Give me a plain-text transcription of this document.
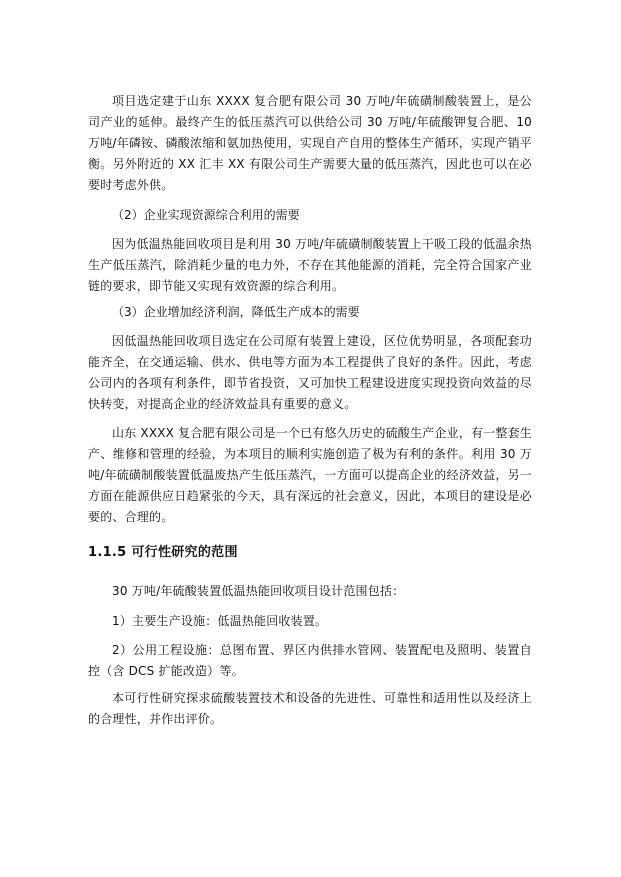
项目选定建于山东 XXXX 复合肥有限公司 30 万吨/年硫磺制酸装置上，是公司产业的延伸。最终产生的低压蒸汽可以供给公司 30 万吨/年硫酸钾复合肥、10 万吨/年磷铵、磷酸浓缩和氨加热使用，实现自产自用的整体生产循环，实现产销平衡。另外附近的 XX 汇丰 XX 有限公司生产需要大量的低压蒸汽，因此也可以在必要时考虑外供。

（2）企业实现资源综合利用的需要

因为低温热能回收项目是利用 30 万吨/年硫磺制酸装置上干吸工段的低温余热生产低压蒸汽，除消耗少量的电力外，不存在其他能源的消耗，完全符合国家产业链的要求，即节能又实现有效资源的综合利用。

（3）企业增加经济利润，降低生产成本的需要

因低温热能回收项目选定在公司原有装置上建设，区位优势明显，各项配套功能齐全，在交通运输、供水、供电等方面为本工程提供了良好的条件。因此，考虑公司内的各项有利条件，即节省投资，又可加快工程建设进度实现投资向效益的尽快转变，对提高企业的经济效益具有重要的意义。

山东 XXXX 复合肥有限公司是一个已有悠久历史的硫酸生产企业，有一整套生产、维修和管理的经验，为本项目的顺利实施创造了极为有利的条件。利用 30 万吨/年硫磺制酸装置低温废热产生低压蒸汽，一方面可以提高企业的经济效益，另一方面在能源供应日趋紧张的今天，具有深远的社会意义，因此，本项目的建设是必要的、合理的。

1.1.5 可行性研究的范围

30 万吨/年硫酸装置低温热能回收项目设计范围包括：

1）主要生产设施：低温热能回收装置。

2）公用工程设施：总图布置、界区内供排水管网、装置配电及照明、装置自控（含 DCS 扩能改造）等。

本可行性研究探求硫酸装置技术和设备的先进性、可靠性和适用性以及经济上的合理性，并作出评价。
